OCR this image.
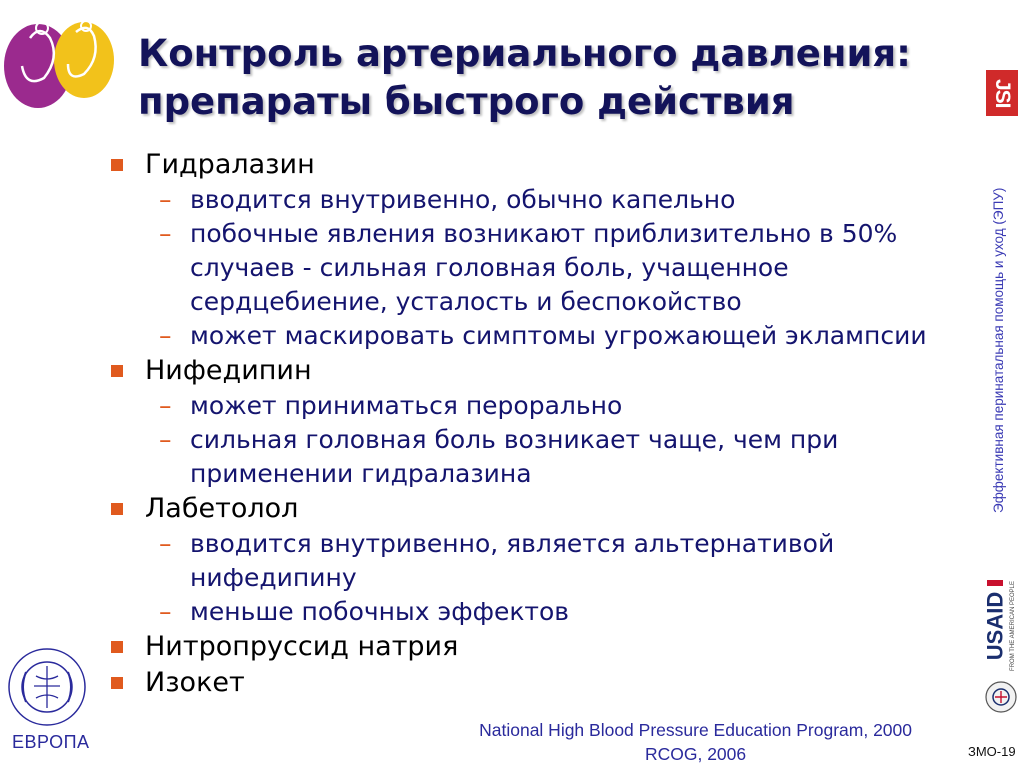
Контроль артериального давления:
препараты быстрого действия	JSI
Эффективная перинатальная помощь и уход (ЭПУ)
Гидралазин
– вводится внутривенно, обычно капельно
– побочные явления возникают приблизительно в 50%
случаев - сильная головная боль, учащенное
сердцебиение, усталость и беспокойство
– может маскировать симптомы угрожающей эклампсии
Нифедипин
– может приниматься перорально
– сильная головная боль возникает чаще, чем при
применении гидралазина
Лабетолол
– вводится внутривенно, является альтернативой
нифедипину
– меньше побочных эффектов
Нитропруссид натрия
Изокет
ЕВРОПА
USAID FROM THE AMERICAN PEOPLE
National High Blood Pressure Education Program, 2000
RCOG, 2006	ЗМО-19
